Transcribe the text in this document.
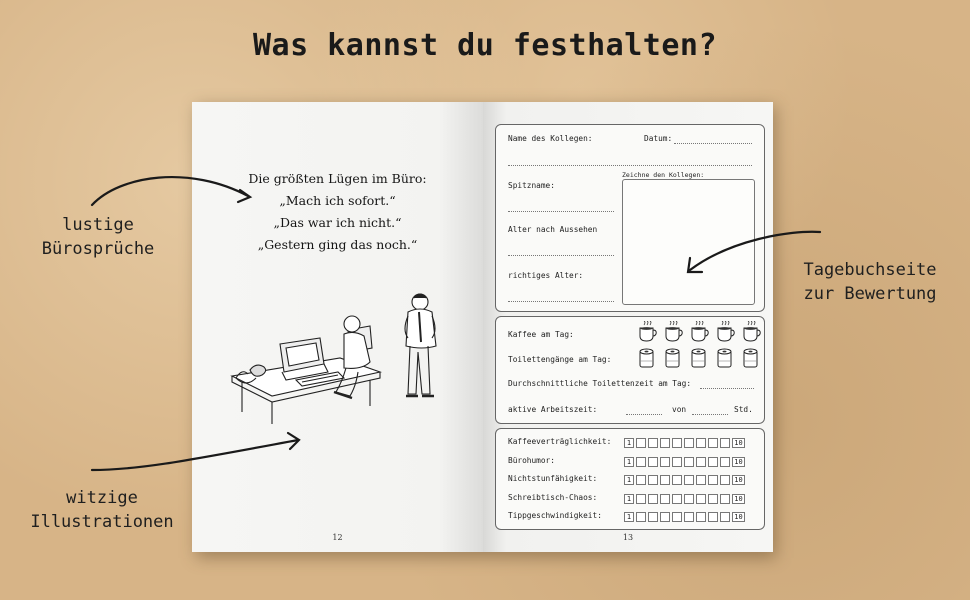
Was kannst du festhalten?
lustige
Bürosprüche
witzige
Illustrationen
Tagebuchseite
zur Bewertung
Die größten Lügen im Büro:
„Mach ich sofort.“
„Das war ich nicht.“
„Gestern ging das noch.“
12
Name des Kollegen:	Datum:
Zeichne den Kollegen:
Spitzname:
Alter nach Aussehen
richtiges Alter:
Kaffee am Tag:
Toilettengänge am Tag:
Durchschnittliche Toilettenzeit am Tag:
aktive Arbeitszeit:	von	Std.
Kaffeeverträglichkeit:	1	10
Bürohumor:	1	10
Nichtstunfähigkeit:	1	10
Schreibtisch-Chaos:	1	10
Tippgeschwindigkeit:	1	10
13
